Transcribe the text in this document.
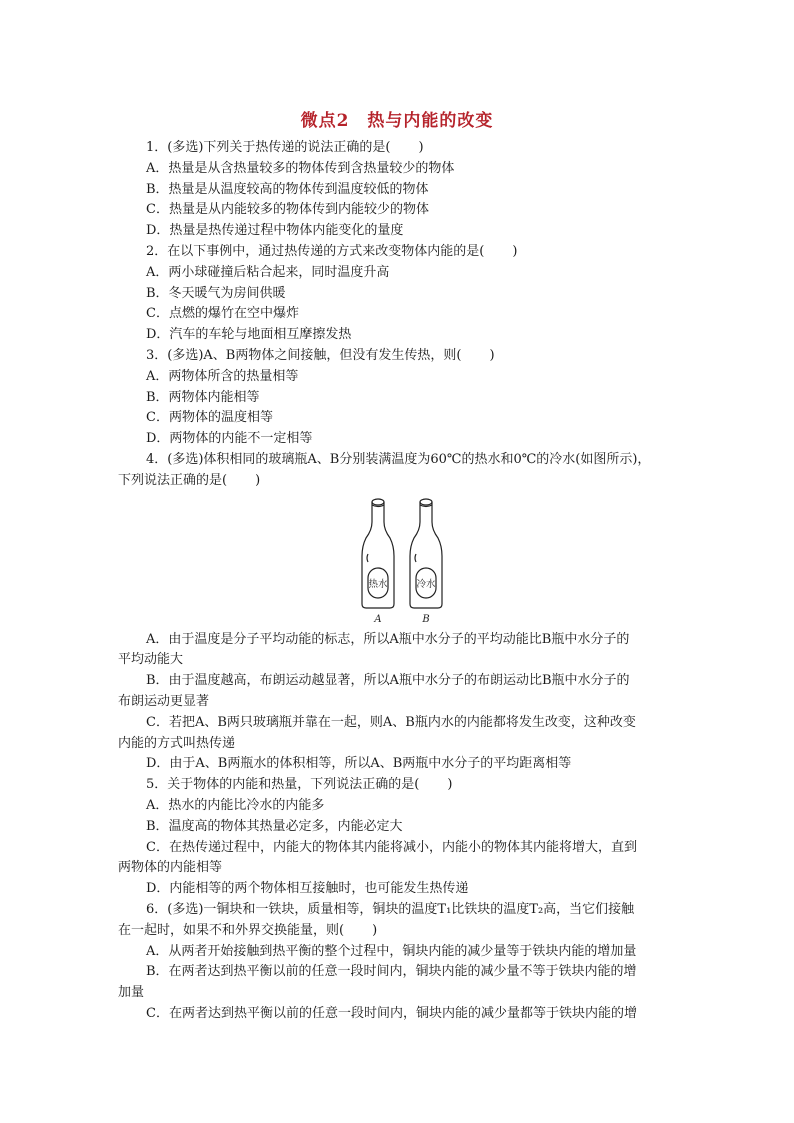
微点2　热与内能的改变
1．(多选)下列关于热传递的说法正确的是( )
A．热量是从含热量较多的物体传到含热量较少的物体
B．热量是从温度较高的物体传到温度较低的物体
C．热量是从内能较多的物体传到内能较少的物体
D．热量是热传递过程中物体内能变化的量度
2．在以下事例中，通过热传递的方式来改变物体内能的是( )
A．两小球碰撞后粘合起来，同时温度升高
B．冬天暖气为房间供暖
C．点燃的爆竹在空中爆炸
D．汽车的车轮与地面相互摩擦发热
3．(多选)A、B两物体之间接触，但没有发生传热，则( )
A．两物体所含的热量相等
B．两物体内能相等
C．两物体的温度相等
D．两物体的内能不一定相等
4．(多选)体积相同的玻璃瓶A、B分别装满温度为60℃的热水和0℃的冷水(如图所示)，
下列说法正确的是( )
热水	冷水
A	B
A．由于温度是分子平均动能的标志，所以A瓶中水分子的平均动能比B瓶中水分子的
平均动能大
B．由于温度越高，布朗运动越显著，所以A瓶中水分子的布朗运动比B瓶中水分子的
布朗运动更显著
C．若把A、B两只玻璃瓶并靠在一起，则A、B瓶内水的内能都将发生改变，这种改变
内能的方式叫热传递
D．由于A、B两瓶水的体积相等，所以A、B两瓶中水分子的平均距离相等
5．关于物体的内能和热量，下列说法正确的是( )
A．热水的内能比冷水的内能多
B．温度高的物体其热量必定多，内能必定大
C．在热传递过程中，内能大的物体其内能将减小，内能小的物体其内能将增大，直到
两物体的内能相等
D．内能相等的两个物体相互接触时，也可能发生热传递
6．(多选)一铜块和一铁块，质量相等，铜块的温度T₁比铁块的温度T₂高，当它们接触
在一起时，如果不和外界交换能量，则( )
A．从两者开始接触到热平衡的整个过程中，铜块内能的减少量等于铁块内能的增加量
B．在两者达到热平衡以前的任意一段时间内，铜块内能的减少量不等于铁块内能的增
加量
C．在两者达到热平衡以前的任意一段时间内，铜块内能的减少量都等于铁块内能的增
